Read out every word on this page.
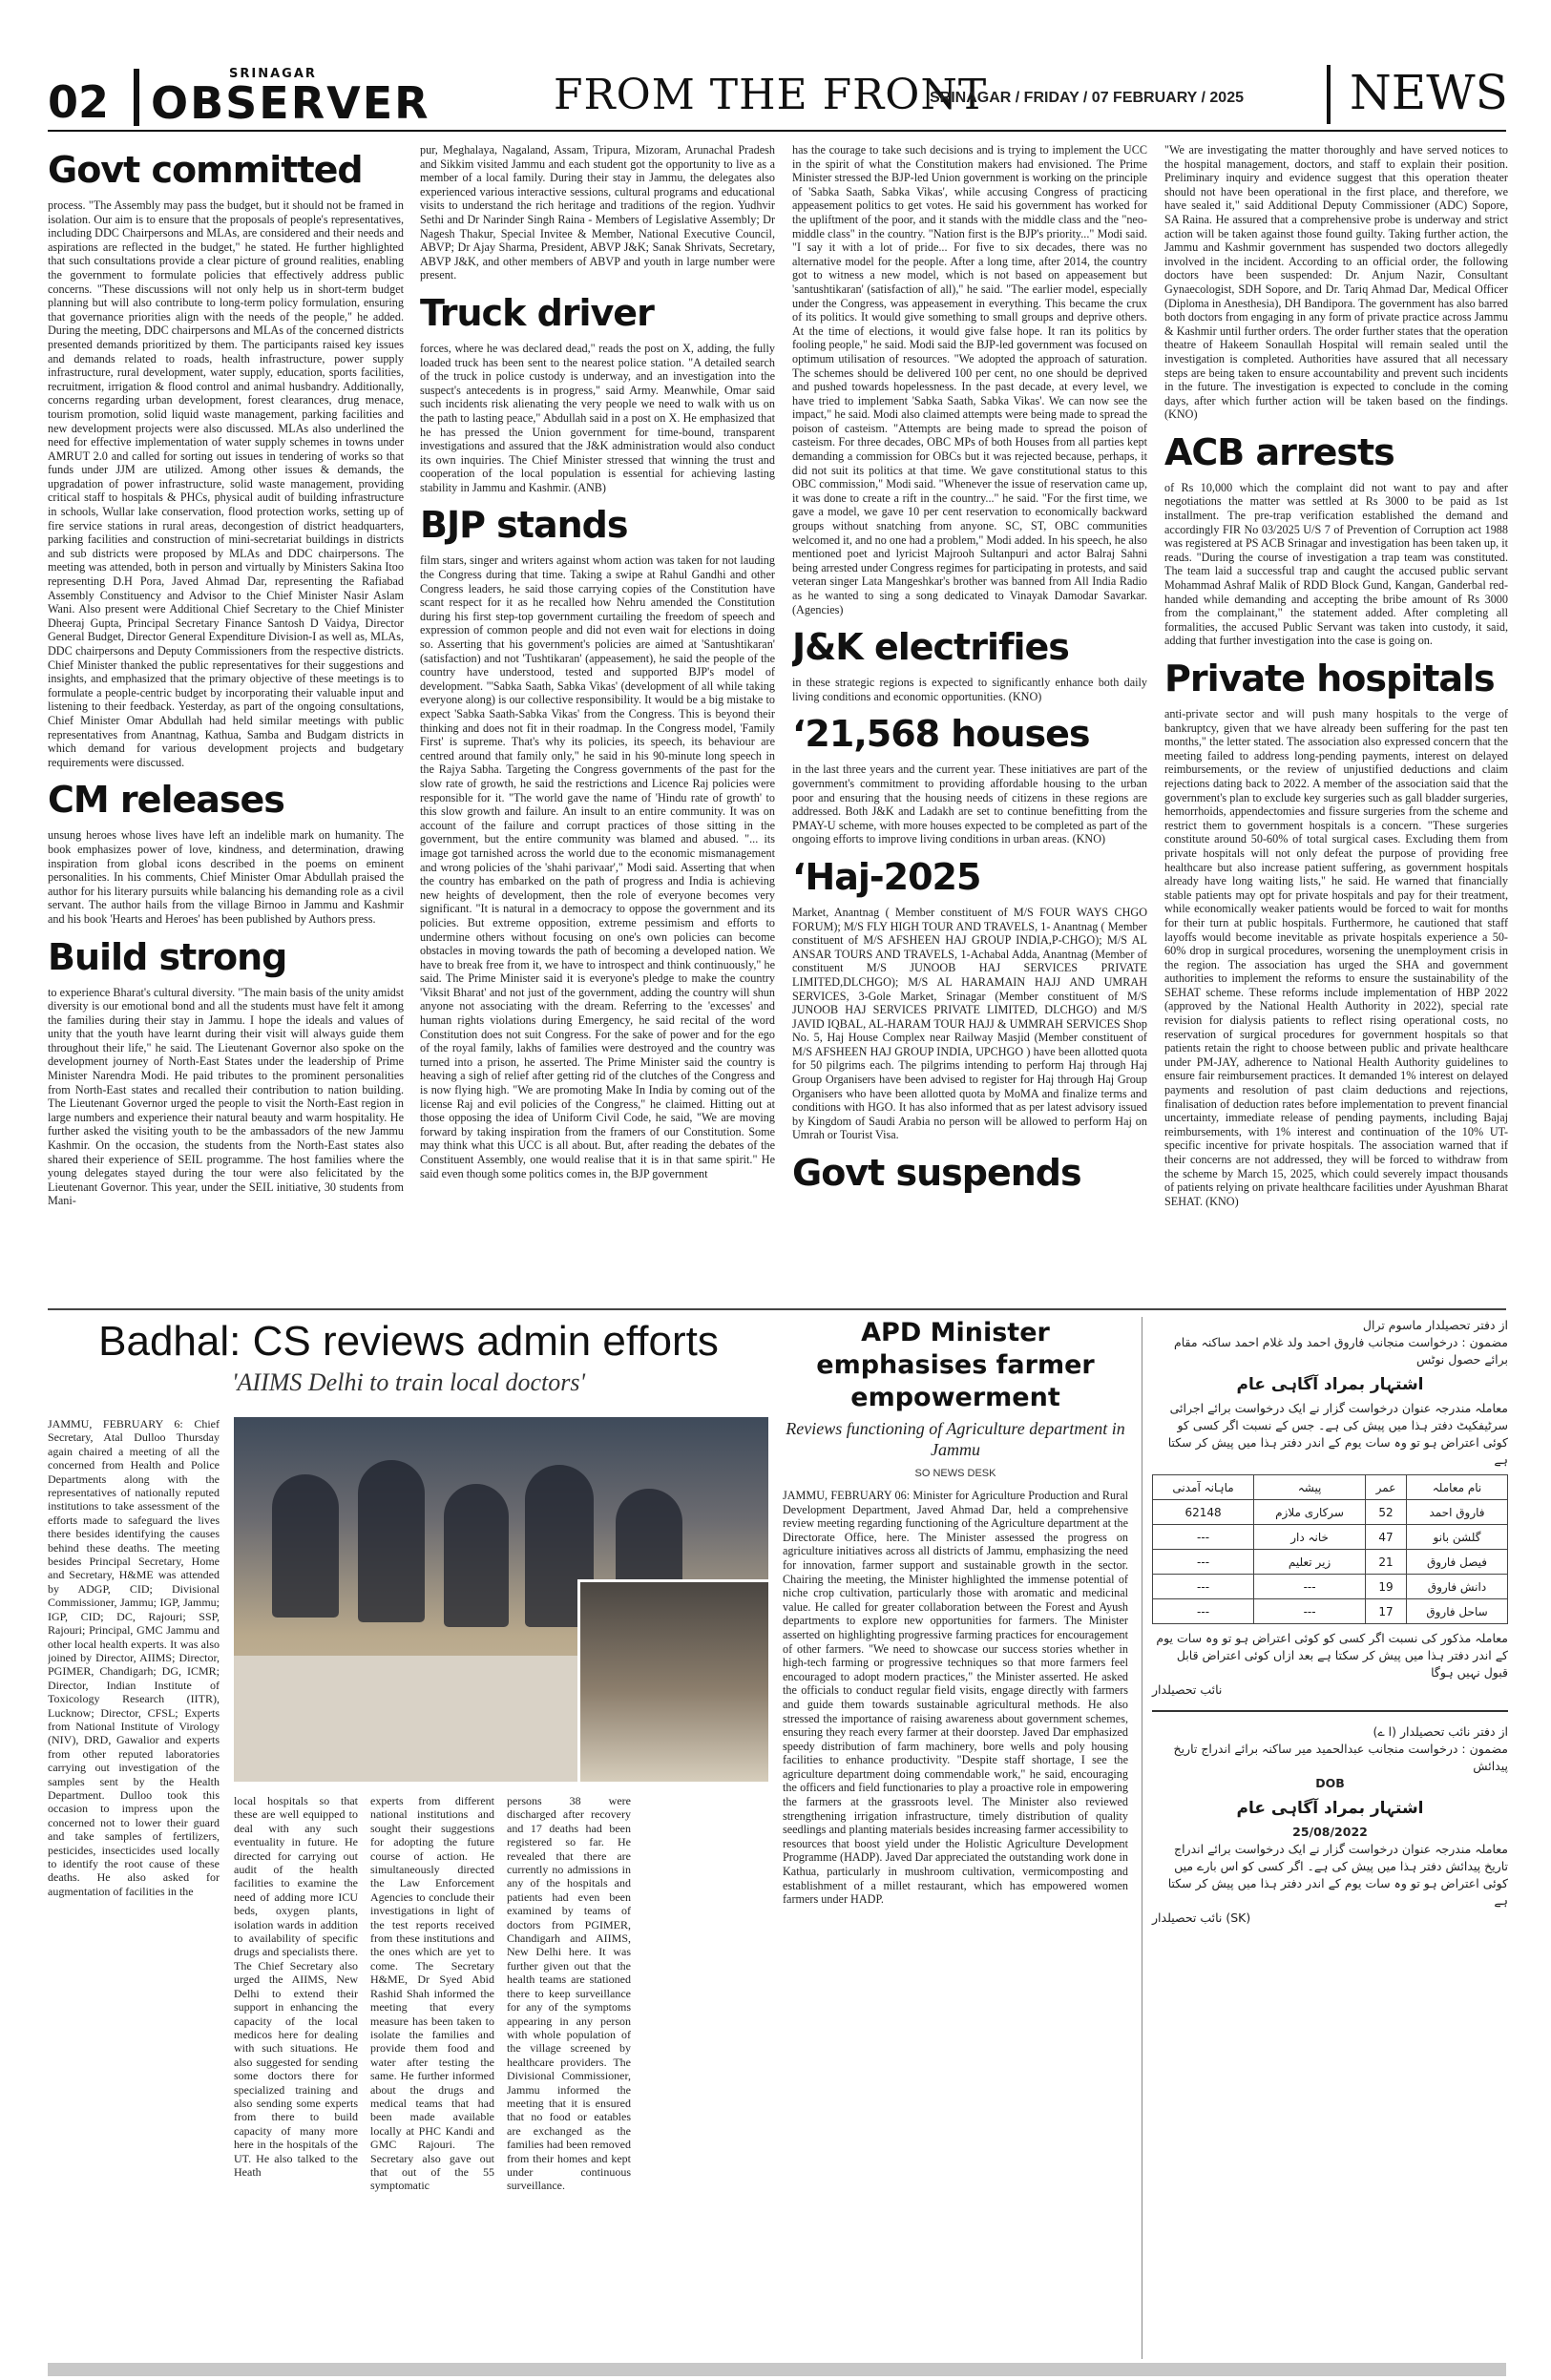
02
SRINAGAR
OBSERVER	FROM THE FRONT
SRINAGAR / FRIDAY / 07 FEBRUARY / 2025 NEWS
Govt committed
process. "The Assembly may pass the budget, but it should not be framed in isolation. Our aim is to ensure that the proposals of people's representatives, including DDC Chairpersons and MLAs, are considered and their needs and aspirations are reflected in the budget," he stated. He further highlighted that such consultations provide a clear picture of ground realities, enabling the government to formulate policies that effectively address public concerns. "These discussions will not only help us in short-term budget planning but will also contribute to long-term policy formulation, ensuring that governance priorities align with the needs of the people," he added. During the meeting, DDC chairpersons and MLAs of the concerned districts presented demands prioritized by them. The participants raised key issues and demands related to roads, health infrastructure, power supply infrastructure, rural development, water supply, education, sports facilities, recruitment, irrigation & flood control and animal husbandry. Additionally, concerns regarding urban development, forest clearances, drug menace, tourism promotion, solid liquid waste management, parking facilities and new development projects were also discussed. MLAs also underlined the need for effective implementation of water supply schemes in towns under AMRUT 2.0 and called for sorting out issues in tendering of works so that funds under JJM are utilized. Among other issues & demands, the upgradation of power infrastructure, solid waste management, providing critical staff to hospitals & PHCs, physical audit of building infrastructure in schools, Wullar lake conservation, flood protection works, setting up of fire service stations in rural areas, decongestion of district headquarters, parking facilities and construction of mini-secretariat buildings in districts and sub districts were proposed by MLAs and DDC chairpersons. The meeting was attended, both in person and virtually by Ministers Sakina Itoo representing D.H Pora, Javed Ahmad Dar, representing the Rafiabad Assembly Constituency and Advisor to the Chief Minister Nasir Aslam Wani. Also present were Additional Chief Secretary to the Chief Minister Dheeraj Gupta, Principal Secretary Finance Santosh D Vaidya, Director General Budget, Director General Expenditure Division-I as well as, MLAs, DDC chairpersons and Deputy Commissioners from the respective districts. Chief Minister thanked the public representatives for their suggestions and insights, and emphasized that the primary objective of these meetings is to formulate a people-centric budget by incorporating their valuable input and listening to their feedback. Yesterday, as part of the ongoing consultations, Chief Minister Omar Abdullah had held similar meetings with public representatives from Anantnag, Kathua, Samba and Budgam districts in which demand for various development projects and budgetary requirements were discussed.
CM releases
unsung heroes whose lives have left an indelible mark on humanity. The book emphasizes power of love, kindness, and determination, drawing inspiration from global icons described in the poems on eminent personalities. In his comments, Chief Minister Omar Abdullah praised the author for his literary pursuits while balancing his demanding role as a civil servant. The author hails from the village Birnoo in Jammu and Kashmir and his book 'Hearts and Heroes' has been published by Authors press.
Build strong
to experience Bharat's cultural diversity. "The main basis of the unity amidst diversity is our emotional bond and all the students must have felt it among the families during their stay in Jammu. I hope the ideals and values of unity that the youth have learnt during their visit will always guide them throughout their life," he said. The Lieutenant Governor also spoke on the development journey of North-East States under the leadership of Prime Minister Narendra Modi. He paid tributes to the prominent personalities from North-East states and recalled their contribution to nation building. The Lieutenant Governor urged the people to visit the North-East region in large numbers and experience their natural beauty and warm hospitality. He further asked the visiting youth to be the ambassadors of the new Jammu Kashmir. On the occasion, the students from the North-East states also shared their experience of SEIL programme. The host families where the young delegates stayed during the tour were also felicitated by the Lieutenant Governor. This year, under the SEIL initiative, 30 students from Mani-
pur, Meghalaya, Nagaland, Assam, Tripura, Mizoram, Arunachal Pradesh and Sikkim visited Jammu and each student got the opportunity to live as a member of a local family. During their stay in Jammu, the delegates also experienced various interactive sessions, cultural programs and educational visits to understand the rich heritage and traditions of the region. Yudhvir Sethi and Dr Narinder Singh Raina - Members of Legislative Assembly; Dr Nagesh Thakur, Special Invitee & Member, National Executive Council, ABVP; Dr Ajay Sharma, President, ABVP J&K; Sanak Shrivats, Secretary, ABVP J&K, and other members of ABVP and youth in large number were present.
Truck driver
forces, where he was declared dead," reads the post on X, adding, the fully loaded truck has been sent to the nearest police station. "A detailed search of the truck in police custody is underway, and an investigation into the suspect's antecedents is in progress," said Army. Meanwhile, Omar said such incidents risk alienating the very people we need to walk with us on the path to lasting peace," Abdullah said in a post on X. He emphasized that he has pressed the Union government for time-bound, transparent investigations and assured that the J&K administration would also conduct its own inquiries. The Chief Minister stressed that winning the trust and cooperation of the local population is essential for achieving lasting stability in Jammu and Kashmir. (ANB)
BJP stands
film stars, singer and writers against whom action was taken for not lauding the Congress during that time. Taking a swipe at Rahul Gandhi and other Congress leaders, he said those carrying copies of the Constitution have scant respect for it as he recalled how Nehru amended the Constitution during his first step-top government curtailing the freedom of speech and expression of common people and did not even wait for elections in doing so. Asserting that his government's policies are aimed at 'Santushtikaran' (satisfaction) and not 'Tushtikaran' (appeasement), he said the people of the country have understood, tested and supported BJP's model of development. "'Sabka Saath, Sabka Vikas' (development of all while taking everyone along) is our collective responsibility. It would be a big mistake to expect 'Sabka Saath-Sabka Vikas' from the Congress. This is beyond their thinking and does not fit in their roadmap. In the Congress model, 'Family First' is supreme. That's why its policies, its speech, its behaviour are centred around that family only," he said in his 90-minute long speech in the Rajya Sabha. Targeting the Congress governments of the past for the slow rate of growth, he said the restrictions and Licence Raj policies were responsible for it. "The world gave the name of 'Hindu rate of growth' to this slow growth and failure. An insult to an entire community. It was on account of the failure and corrupt practices of those sitting in the government, but the entire community was blamed and abused. "... its image got tarnished across the world due to the economic mismanagement and wrong policies of the 'shahi parivaar'," Modi said. Asserting that when the country has embarked on the path of progress and India is achieving new heights of development, then the role of everyone becomes very significant. "It is natural in a democracy to oppose the government and its policies. But extreme opposition, extreme pessimism and efforts to undermine others without focusing on one's own policies can become obstacles in moving towards the path of becoming a developed nation. We have to break free from it, we have to introspect and think continuously," he said. The Prime Minister said it is everyone's pledge to make the country 'Viksit Bharat' and not just of the government, adding the country will shun anyone not associating with the dream. Referring to the 'excesses' and human rights violations during Emergency, he said recital of the word Constitution does not suit Congress. For the sake of power and for the ego of the royal family, lakhs of families were destroyed and the country was turned into a prison, he asserted. The Prime Minister said the country is heaving a sigh of relief after getting rid of the clutches of the Congress and is now flying high. "We are promoting Make In India by coming out of the license Raj and evil policies of the Congress," he claimed. Hitting out at those opposing the idea of Uniform Civil Code, he said, "We are moving forward by taking inspiration from the framers of our Constitution. Some may think what this UCC is all about. But, after reading the debates of the Constituent Assembly, one would realise that it is in that same spirit." He said even though some politics comes in, the BJP government
has the courage to take such decisions and is trying to implement the UCC in the spirit of what the Constitution makers had envisioned. The Prime Minister stressed the BJP-led Union government is working on the principle of 'Sabka Saath, Sabka Vikas', while accusing Congress of practicing appeasement politics to get votes. He said his government has worked for the upliftment of the poor, and it stands with the middle class and the "neo-middle class" in the country. "Nation first is the BJP's priority..." Modi said. "I say it with a lot of pride... For five to six decades, there was no alternative model for the people. After a long time, after 2014, the country got to witness a new model, which is not based on appeasement but 'santushtikaran' (satisfaction of all)," he said. "The earlier model, especially under the Congress, was appeasement in everything. This became the crux of its politics. It would give something to small groups and deprive others. At the time of elections, it would give false hope. It ran its politics by fooling people," he said. Modi said the BJP-led government was focused on optimum utilisation of resources. "We adopted the approach of saturation. The schemes should be delivered 100 per cent, no one should be deprived and pushed towards hopelessness. In the past decade, at every level, we have tried to implement 'Sabka Saath, Sabka Vikas'. We can now see the impact," he said. Modi also claimed attempts were being made to spread the poison of casteism. "Attempts are being made to spread the poison of casteism. For three decades, OBC MPs of both Houses from all parties kept demanding a commission for OBCs but it was rejected because, perhaps, it did not suit its politics at that time. We gave constitutional status to this OBC commission," Modi said. "Whenever the issue of reservation came up, it was done to create a rift in the country..." he said. "For the first time, we gave a model, we gave 10 per cent reservation to economically backward groups without snatching from anyone. SC, ST, OBC communities welcomed it, and no one had a problem," Modi added. In his speech, he also mentioned poet and lyricist Majrooh Sultanpuri and actor Balraj Sahni being arrested under Congress regimes for participating in protests, and said veteran singer Lata Mangeshkar's brother was banned from All India Radio as he wanted to sing a song dedicated to Vinayak Damodar Savarkar. (Agencies)
J&K electrifies
in these strategic regions is expected to significantly enhance both daily living conditions and economic opportunities. (KNO)
‘21,568 houses
in the last three years and the current year. These initiatives are part of the government's commitment to providing affordable housing to the urban poor and ensuring that the housing needs of citizens in these regions are addressed. Both J&K and Ladakh are set to continue benefitting from the PMAY-U scheme, with more houses expected to be completed as part of the ongoing efforts to improve living conditions in urban areas. (KNO)
‘Haj-2025
Market, Anantnag ( Member constituent of M/S FOUR WAYS CHGO FORUM); M/S FLY HIGH TOUR AND TRAVELS, 1- Anantnag ( Member constituent of M/S AFSHEEN HAJ GROUP INDIA,P-CHGO); M/S AL ANSAR TOURS AND TRAVELS, 1-Achabal Adda, Anantnag (Member of constituent M/S JUNOOB HAJ SERVICES PRIVATE LIMITED,DLCHGO); M/S AL HARAMAIN HAJJ AND UMRAH SERVICES, 3-Gole Market, Srinagar (Member constituent of M/S JUNOOB HAJ SERVICES PRIVATE LIMITED, DLCHGO) and M/S JAVID IQBAL, AL-HARAM TOUR HAJJ & UMMRAH SERVICES Shop No. 5, Haj House Complex near Railway Masjid (Member constituent of M/S AFSHEEN HAJ GROUP INDIA, UPCHGO ) have been allotted quota for 50 pilgrims each. The pilgrims intending to perform Haj through Haj Group Organisers have been advised to register for Haj through Haj Group Organisers who have been allotted quota by MoMA and finalize terms and conditions with HGO. It has also informed that as per latest advisory issued by Kingdom of Saudi Arabia no person will be allowed to perform Haj on Umrah or Tourist Visa.
Govt suspends
"We are investigating the matter thoroughly and have served notices to the hospital management, doctors, and staff to explain their position. Preliminary inquiry and evidence suggest that this operation theater should not have been operational in the first place, and therefore, we have sealed it," said Additional Deputy Commissioner (ADC) Sopore, SA Raina. He assured that a comprehensive probe is underway and strict action will be taken against those found guilty. Taking further action, the Jammu and Kashmir government has suspended two doctors allegedly involved in the incident. According to an official order, the following doctors have been suspended: Dr. Anjum Nazir, Consultant Gynaecologist, SDH Sopore, and Dr. Tariq Ahmad Dar, Medical Officer (Diploma in Anesthesia), DH Bandipora. The government has also barred both doctors from engaging in any form of private practice across Jammu & Kashmir until further orders. The order further states that the operation theatre of Hakeem Sonaullah Hospital will remain sealed until the investigation is completed. Authorities have assured that all necessary steps are being taken to ensure accountability and prevent such incidents in the future. The investigation is expected to conclude in the coming days, after which further action will be taken based on the findings. (KNO)
ACB arrests
of Rs 10,000 which the complaint did not want to pay and after negotiations the matter was settled at Rs 3000 to be paid as 1st installment. The pre-trap verification established the demand and accordingly FIR No 03/2025 U/S 7 of Prevention of Corruption act 1988 was registered at PS ACB Srinagar and investigation has been taken up, it reads. "During the course of investigation a trap team was constituted. The team laid a successful trap and caught the accused public servant Mohammad Ashraf Malik of RDD Block Gund, Kangan, Ganderbal red-handed while demanding and accepting the bribe amount of Rs 3000 from the complainant," the statement added. After completing all formalities, the accused Public Servant was taken into custody, it said, adding that further investigation into the case is going on.
Private hospitals
anti-private sector and will push many hospitals to the verge of bankruptcy, given that we have already been suffering for the past ten months," the letter stated. The association also expressed concern that the meeting failed to address long-pending payments, interest on delayed reimbursements, or the review of unjustified deductions and claim rejections dating back to 2022. A member of the association said that the government's plan to exclude key surgeries such as gall bladder surgeries, hemorrhoids, appendectomies and fissure surgeries from the scheme and restrict them to government hospitals is a concern. "These surgeries constitute around 50-60% of total surgical cases. Excluding them from private hospitals will not only defeat the purpose of providing free healthcare but also increase patient suffering, as government hospitals already have long waiting lists," he said. He warned that financially stable patients may opt for private hospitals and pay for their treatment, while economically weaker patients would be forced to wait for months for their turn at public hospitals. Furthermore, he cautioned that staff layoffs would become inevitable as private hospitals experience a 50-60% drop in surgical procedures, worsening the unemployment crisis in the region. The association has urged the SHA and government authorities to implement the reforms to ensure the sustainability of the SEHAT scheme. These reforms include implementation of HBP 2022 (approved by the National Health Authority in 2022), special rate revision for dialysis patients to reflect rising operational costs, no reservation of surgical procedures for government hospitals so that patients retain the right to choose between public and private healthcare under PM-JAY, adherence to National Health Authority guidelines to ensure fair reimbursement practices. It demanded 1% interest on delayed payments and resolution of past claim deductions and rejections, finalisation of deduction rates before implementation to prevent financial uncertainty, immediate release of pending payments, including Bajaj reimbursements, with 1% interest and continuation of the 10% UT-specific incentive for private hospitals. The association warned that if their concerns are not addressed, they will be forced to withdraw from the scheme by March 15, 2025, which could severely impact thousands of patients relying on private healthcare facilities under Ayushman Bharat SEHAT. (KNO)
Badhal: CS reviews admin efforts
'AIIMS Delhi to train local doctors'
JAMMU, FEBRUARY 6: Chief Secretary, Atal Dulloo Thursday again chaired a meeting of all the concerned from Health and Police Departments along with the representatives of nationally reputed institutions to take assessment of the efforts made to safeguard the lives there besides identifying the causes behind these deaths. The meeting besides Principal Secretary, Home and Secretary, H&ME was attended by ADGP, CID; Divisional Commissioner, Jammu; IGP, Jammu; IGP, CID; DC, Rajouri; SSP, Rajouri; Principal, GMC Jammu and other local health experts. It was also joined by Director, AIIMS; Director, PGIMER, Chandigarh; DG, ICMR; Director, Indian Institute of Toxicology Research (IITR), Lucknow; Director, CFSL; Experts from National Institute of Virology (NIV), DRD, Gawalior and experts from other reputed laboratories carrying out investigation of the samples sent by the Health Department. Dulloo took this occasion to impress upon the concerned not to lower their guard and take samples of fertilizers, pesticides, insecticides used locally to identify the root cause of these deaths. He also asked for augmentation of facilities in the
local hospitals so that these are well equipped to deal with any such eventuality in future. He directed for carrying out audit of the health facilities to examine the need of adding more ICU beds, oxygen plants, isolation wards in addition to availability of specific drugs and specialists there. The Chief Secretary also urged the AIIMS, New Delhi to extend their support in enhancing the capacity of the local medicos here for dealing with such situations. He also suggested for sending some doctors there for specialized training and also sending some experts from there to build capacity of many more here in the hospitals of the UT. He also talked to the Heath
experts from different national institutions and sought their suggestions for adopting the future course of action. He simultaneously directed the Law Enforcement Agencies to conclude their investigations in light of the test reports received from these institutions and the ones which are yet to come. The Secretary H&ME, Dr Syed Abid Rashid Shah informed the meeting that every measure has been taken to isolate the families and provide them food and water after testing the same. He further informed about the drugs and medical teams that had been made available locally at PHC Kandi and GMC Rajouri. The Secretary also gave out that out of the 55 symptomatic
persons 38 were discharged after recovery and 17 deaths had been registered so far. He revealed that there are currently no admissions in any of the hospitals and patients had even been examined by teams of doctors from PGIMER, Chandigarh and AIIMS, New Delhi here. It was further given out that the health teams are stationed there to keep surveillance for any of the symptoms appearing in any person with whole population of the village screened by healthcare providers. The Divisional Commissioner, Jammu informed the meeting that it is ensured that no food or eatables are exchanged as the families had been removed from their homes and kept under continuous surveillance.
APD Minister emphasises farmer empowerment
Reviews functioning of Agriculture department in Jammu
SO NEWS DESK
JAMMU, FEBRUARY 06: Minister for Agriculture Production and Rural Development Department, Javed Ahmad Dar, held a comprehensive review meeting regarding functioning of the Agriculture department at the Directorate Office, here. The Minister assessed the progress on agriculture initiatives across all districts of Jammu, emphasizing the need for innovation, farmer support and sustainable growth in the sector. Chairing the meeting, the Minister highlighted the immense potential of niche crop cultivation, particularly those with aromatic and medicinal value. He called for greater collaboration between the Forest and Ayush departments to explore new opportunities for farmers. The Minister asserted on highlighting progressive farming practices for encouragement of other farmers. "We need to showcase our success stories whether in high-tech farming or progressive techniques so that more farmers feel encouraged to adopt modern practices," the Minister asserted. He asked the officials to conduct regular field visits, engage directly with farmers and guide them towards sustainable agricultural methods. He also stressed the importance of raising awareness about government schemes, ensuring they reach every farmer at their doorstep. Javed Dar emphasized speedy distribution of farm machinery, bore wells and poly housing facilities to enhance productivity. "Despite staff shortage, I see the agriculture department doing commendable work," he said, encouraging the officers and field functionaries to play a proactive role in empowering the farmers at the grassroots level. The Minister also reviewed strengthening irrigation infrastructure, timely distribution of quality seedlings and planting materials besides increasing farmer accessibility to resources that boost yield under the Holistic Agriculture Development Programme (HADP). Javed Dar appreciated the outstanding work done in Kathua, particularly in mushroom cultivation, vermicomposting and establishment of a millet restaurant, which has empowered women farmers under HADP.
از دفتر تحصیلدار ماسوم ترال
مضمون : درخواست منجانب فاروق احمد ولد غلام احمد ساکنہ مقام برائے حصول نوٹس
اشتہار بمراد آگاہی عام
معاملہ مندرجہ عنوان درخواست گزار نے ایک درخواست برائے اجرائی سرٹیفکیٹ دفتر ہذا میں پیش کی ہے۔ جس کے نسبت اگر کسی کو کوئی اعتراض ہو تو وہ سات یوم کے اندر دفتر ہذا میں پیش کر سکتا ہے
نام معاملہ	عمر	پیشہ	ماہانہ آمدنی
فاروق احمد	52	سرکاری ملازم	62148
گلشن بانو	47	خانہ دار	---
فیصل فاروق	21	زیر تعلیم	---
دانش فاروق	19	---	---
ساحل فاروق	17	---	---
معاملہ مذکور کی نسبت اگر کسی کو کوئی اعتراض ہو تو وہ سات یوم کے اندر دفتر ہذا میں پیش کر سکتا ہے بعد ازاں کوئی اعتراض قابل قبول نہیں ہوگا
نائب تحصیلدار
از دفتر نائب تحصیلدار (ا ے)
مضمون : درخواست منجانب عبدالحمید میر ساکنہ برائے اندراج تاریخ پیدائش
DOB
اشتہار بمراد آگاہی عام
25/08/2022
معاملہ مندرجہ عنوان درخواست گزار نے ایک درخواست برائے اندراج تاریخ پیدائش دفتر ہذا میں پیش کی ہے۔ اگر کسی کو اس بارے میں کوئی اعتراض ہو تو وہ سات یوم کے اندر دفتر ہذا میں پیش کر سکتا ہے
(SK) نائب تحصیلدار
